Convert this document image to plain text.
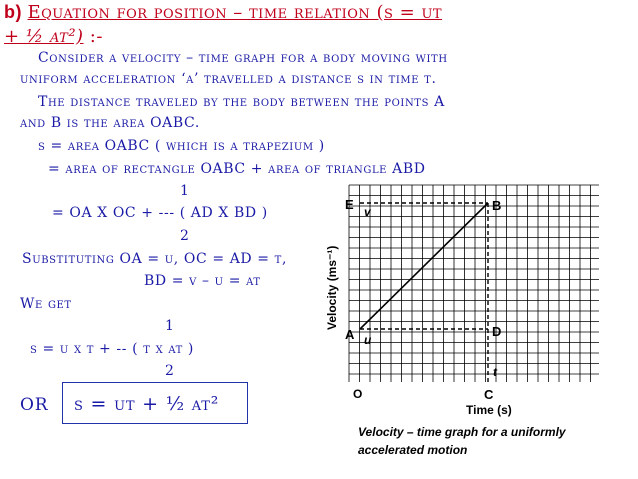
b) Equation for position – time relation (s = ut
+ ½ at²) :-
Consider a velocity – time graph for a body moving with
uniform acceleration ‘a’ travelled a distance s in time t.
The distance traveled by the body between the points A
and B is the area OABC.
s = area OABC ( which is a trapezium )
= area of rectangle OABC + area of triangle ABD
1
= OA X OC + --- ( AD X BD )
2
Substituting OA = u, OC = AD = t,
BD = v – u = at
We get
1
s = u x t + -- ( t x at )
2
OR s = ut + ½ at²
E v	B
A u
D
t
O	C
Time (s)
Velocity (ms⁻¹)
Velocity – time graph for a uniformly
accelerated motion
